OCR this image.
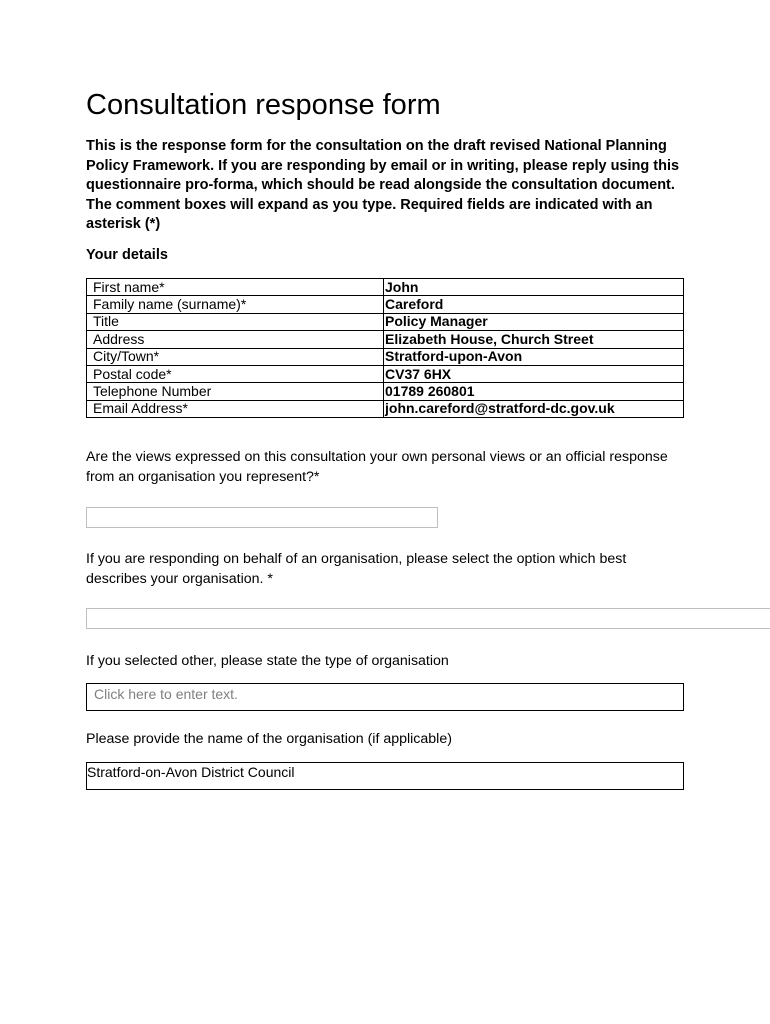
Consultation response form

This is the response form for the consultation on the draft revised National Planning Policy Framework. If you are responding by email or in writing, please reply using this questionnaire pro-forma, which should be read alongside the consultation document. The comment boxes will expand as you type. Required fields are indicated with an asterisk (*)

Your details

First name*	John
Family name (surname)*	Careford
Title	Policy Manager
Address	Elizabeth House, Church Street
City/Town*	Stratford-upon-Avon
Postal code*	CV37 6HX
Telephone Number	01789 260801
Email Address*	john.careford@stratford-dc.gov.uk

Are the views expressed on this consultation your own personal views or an official response from an organisation you represent?*

If you are responding on behalf of an organisation, please select the option which best describes your organisation. *

If you selected other, please state the type of organisation

Click here to enter text.

Please provide the name of the organisation (if applicable)

Stratford-on-Avon District Council
